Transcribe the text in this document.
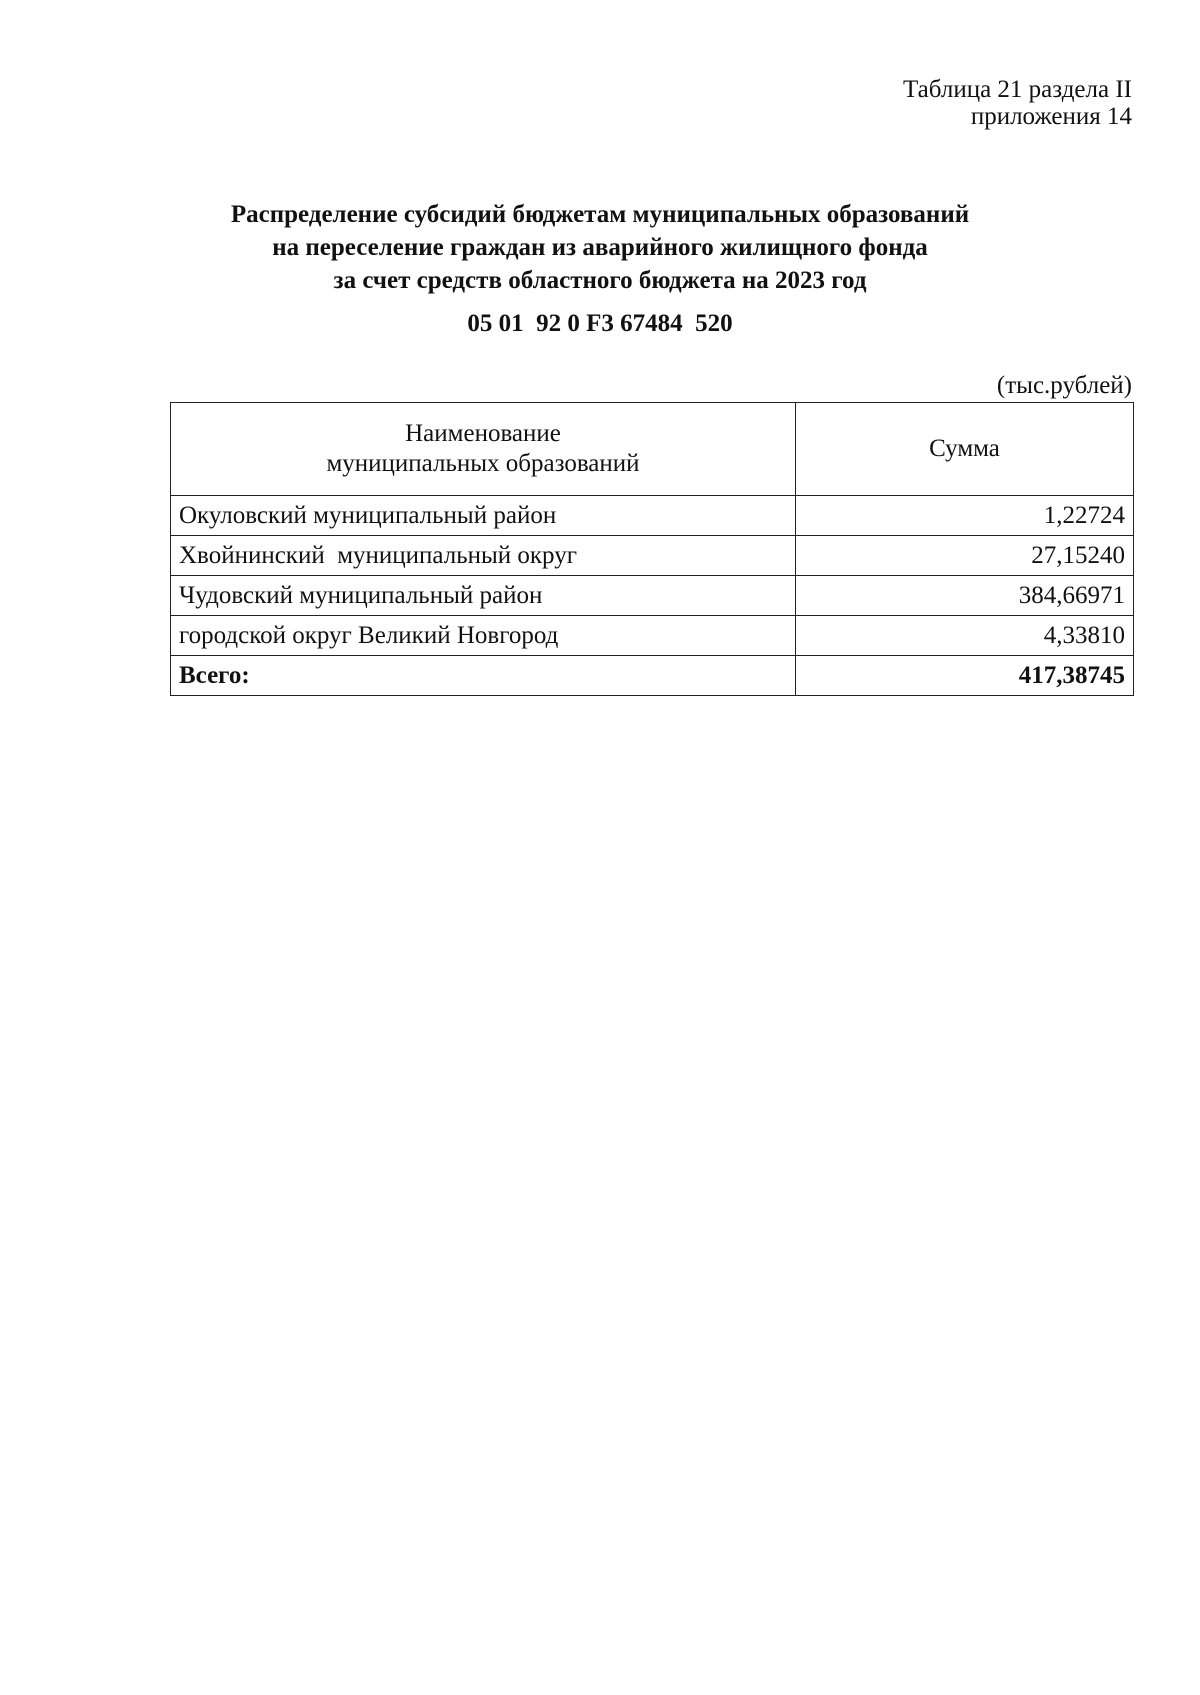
Таблица 21 раздела II
приложения 14
Распределение субсидий бюджетам муниципальных образований
на переселение граждан из аварийного жилищного фонда
за счет средств областного бюджета на 2023 год
05 01  92 0 F3 67484  520
(тыс.рублей)
Наименование
муниципальных образований	Сумма
Окуловский муниципальный район	1,22724
Хвойнинский  муниципальный округ	27,15240
Чудовский муниципальный район	384,66971
городской округ Великий Новгород	4,33810
Всего:	417,38745
